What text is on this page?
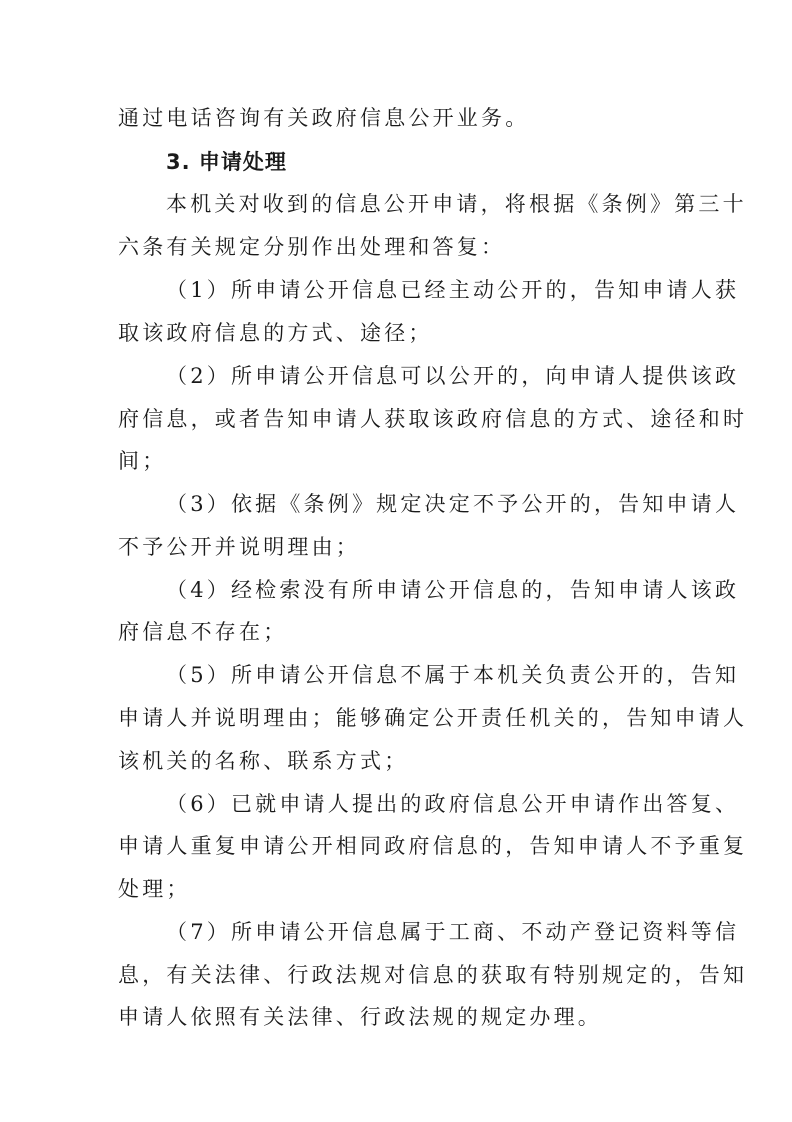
通过电话咨询有关政府信息公开业务。
3. 申请处理
本机关对收到的信息公开申请，将根据《条例》第三十
六条有关规定分别作出处理和答复：
（1）所申请公开信息已经主动公开的，告知申请人获
取该政府信息的方式、途径；
（2）所申请公开信息可以公开的，向申请人提供该政
府信息，或者告知申请人获取该政府信息的方式、途径和时
间；
（3）依据《条例》规定决定不予公开的，告知申请人
不予公开并说明理由；
（4）经检索没有所申请公开信息的，告知申请人该政
府信息不存在；
（5）所申请公开信息不属于本机关负责公开的，告知
申请人并说明理由；能够确定公开责任机关的，告知申请人
该机关的名称、联系方式；
（6）已就申请人提出的政府信息公开申请作出答复、
申请人重复申请公开相同政府信息的，告知申请人不予重复
处理；
（7）所申请公开信息属于工商、不动产登记资料等信
息，有关法律、行政法规对信息的获取有特别规定的，告知
申请人依照有关法律、行政法规的规定办理。
